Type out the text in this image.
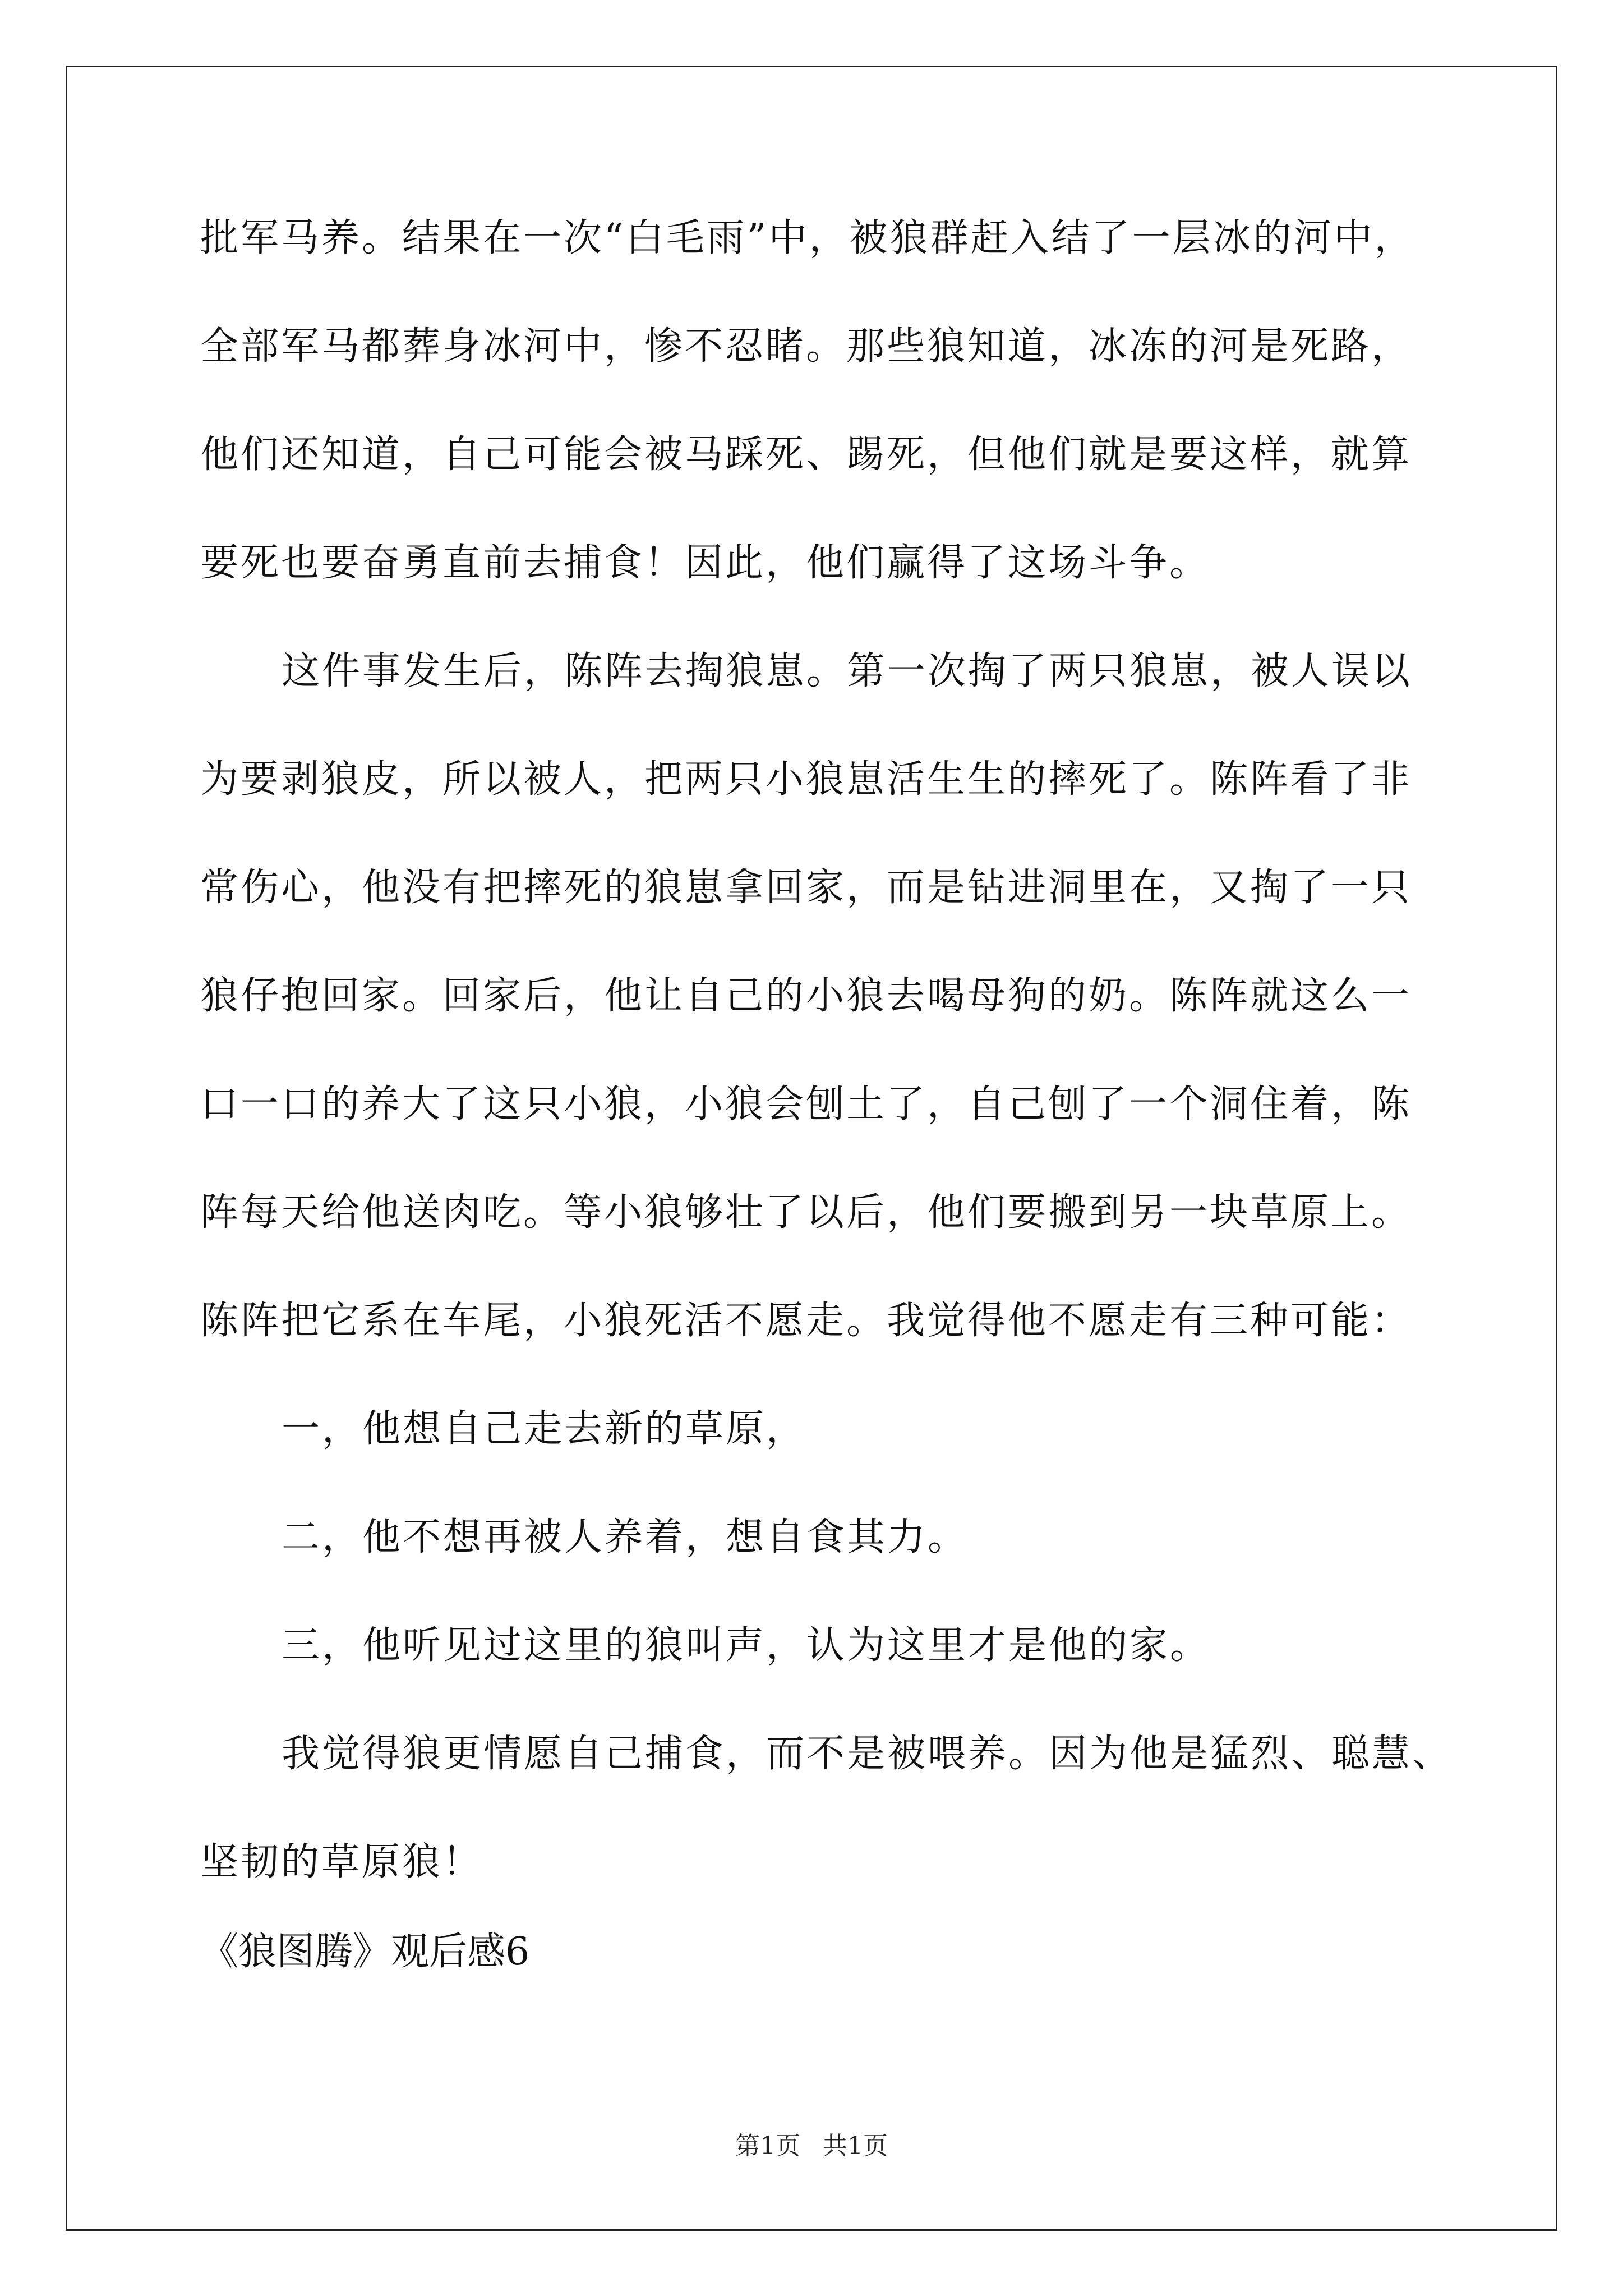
批军马养。结果在一次“白毛雨”中，被狼群赶入结了一层冰的河中，
全部军马都葬身冰河中，惨不忍睹。那些狼知道，冰冻的河是死路，
他们还知道，自己可能会被马踩死、踢死，但他们就是要这样，就算
要死也要奋勇直前去捕食！因此，他们赢得了这场斗争。
这件事发生后，陈阵去掏狼崽。第一次掏了两只狼崽，被人误以
为要剥狼皮，所以被人，把两只小狼崽活生生的摔死了。陈阵看了非
常伤心，他没有把摔死的狼崽拿回家，而是钻进洞里在，又掏了一只
狼仔抱回家。回家后，他让自己的小狼去喝母狗的奶。陈阵就这么一
口一口的养大了这只小狼，小狼会刨土了，自己刨了一个洞住着，陈
阵每天给他送肉吃。等小狼够壮了以后，他们要搬到另一块草原上。
陈阵把它系在车尾，小狼死活不愿走。我觉得他不愿走有三种可能：
一，他想自己走去新的草原，
二，他不想再被人养着，想自食其力。
三，他听见过这里的狼叫声，认为这里才是他的家。
我觉得狼更情愿自己捕食，而不是被喂养。因为他是猛烈、聪慧、
坚韧的草原狼！
《狼图腾》观后感6
第1页 共1页
